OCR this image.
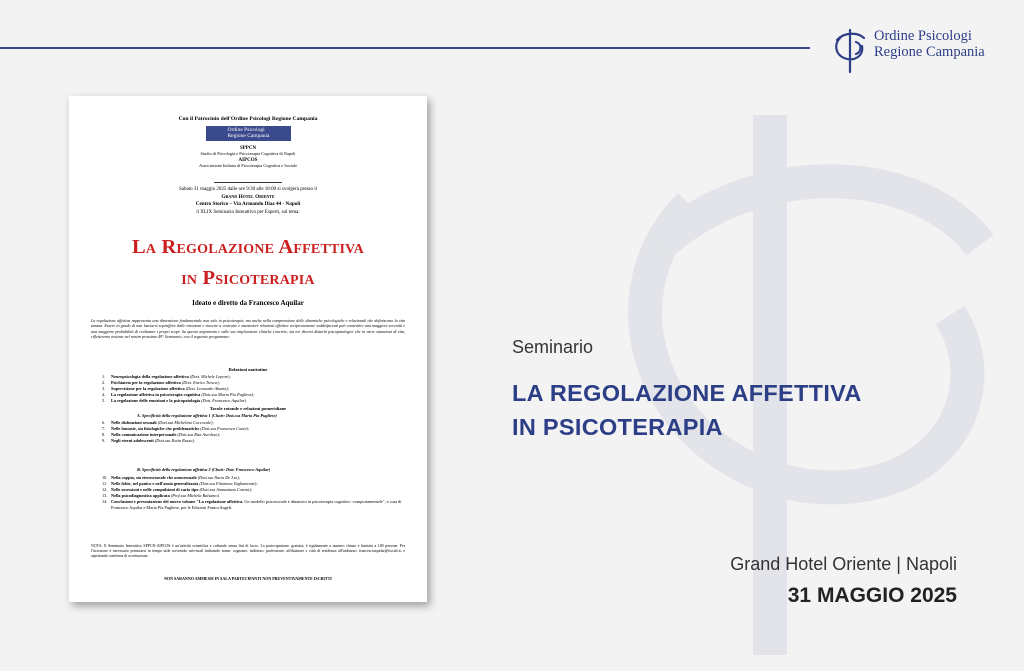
Ordine Psicologi
Regione Campania
Seminario
LA REGOLAZIONE AFFETTIVA
IN PSICOTERAPIA
Grand Hotel Oriente | Napoli
31 MAGGIO 2025
Con il Patrocinio dell'Ordine Psicologi Regione Campania
Ordine Psicologi
Regione Campania
SPPCN
Studio di Psicologia e Psicoterapia Cognitiva di Napoli
AIPCOS
Associazione Italiana di Psicoterapia Cognitiva e Sociale
Sabato 31 maggio 2025 dalle ore 9:30 alle 18:00 si svolgerà presso il
Grand Hotel Oriente
Centro Storico – Via Armando Diaz 44 - Napoli
il XLIX Seminario Interattivo per Esperti, sul tema:
La Regolazione Affettiva
in Psicoterapia
Ideato e diretto da Francesco Aquilar
La regolazione affettiva rappresenta una dimensione fondamentale non solo in psicoterapia, ma anche nella comprensione delle dinamiche psicologiche e relazionali che definiscono la vita umana. Essere in grado di non lasciarsi sopraffare dalle emozioni e riuscire a costruire e mantenere relazioni affettive reciprocamente soddisfacenti può consentire una maggiore serenità e una maggiore probabilità di realizzare i propri scopi. Su questo argomento e sulle sue implicazioni cliniche concrete, sia nei diversi disturbi psicopatologici che in varie situazioni di vita, rifletteremo insieme nel nostro prossimo 49° Seminario, con il seguente programma:
Relazioni mattutine
1.	Neuropsicologia della regolazione affettiva (Dott. Michele Lepore);
2.	Psichiatria per la regolazione affettiva (Dott. Enrico Tresca);
3.	Supervisione per la regolazione affettiva (Dott. Leonardo Abazia);
4.	La regolazione affettiva in psicoterapia cognitiva (Dott.ssa Maria Pia Pugliese);
5.	La regolazione delle emozioni e la psicopatologia (Dott. Francesco Aquilar).
Tavole rotonde e relazioni pomeridiane
A. Specificità della regolazione affettiva 1 (Chair: Dott.ssa Maria Pia Pugliese)
6.	Nelle disfunzioni sessuali (Dott.ssa Michelina Coccovale);
7.	Nelle fantasie, sia fisiologiche che problematiche (Dott.ssa Francesca Conte);
8.	Nella comunicazione interpersonale (Dott.ssa Rita Ascolese);
9.	Negli eterni adolescenti (Dott.ssa Katia Russo).
B. Specificità della regolazione affettiva 2 (Chair: Dott. Francesco Aquilar)
10. Nella coppia, sia eterosessuale che omosessuale (Dott.ssa Ilaria De Lio);
11. Nelle fobie, nel panico e nell'ansia generalizzata (Dott.ssa Filomena Tagliamonte);
12. Nelle ossessioni e nelle compulsioni di vario tipo (Dott.ssa Annunziata Cotena);
13. Nella psicodiagnostica applicata (Prof.ssa Michela Balsamo).
14. Conclusioni e presentazione del nuovo volume "La regolazione affettiva. Un modello psicosociale e dinamico in psicoterapia cognitivo -comportamentale", a cura di Francesco Aquilar e Maria Pia Pugliese, per le Edizioni FrancoAngeli.
NOTA: Il Seminario Interattivo SPPCN-AIPCOS è un'attività scientifica e culturale senza fini di lucro. La partecipazione, gratuita, è rigidamente a numero chiuso e limitata a 100 persone. Per l'iscrizione è necessario prenotarsi in tempo utile scrivendo un'e-mail indicando nome, cognome, indirizzo, professione, affiliazione e città di residenza all'indirizzo: francescoaquilar@tiscali.it, e aspettando conferma di accettazione.
NON SARANNO AMMESSI IN SALA PARTECIPANTI NON PREVENTIVAMENTE ISCRITTI
